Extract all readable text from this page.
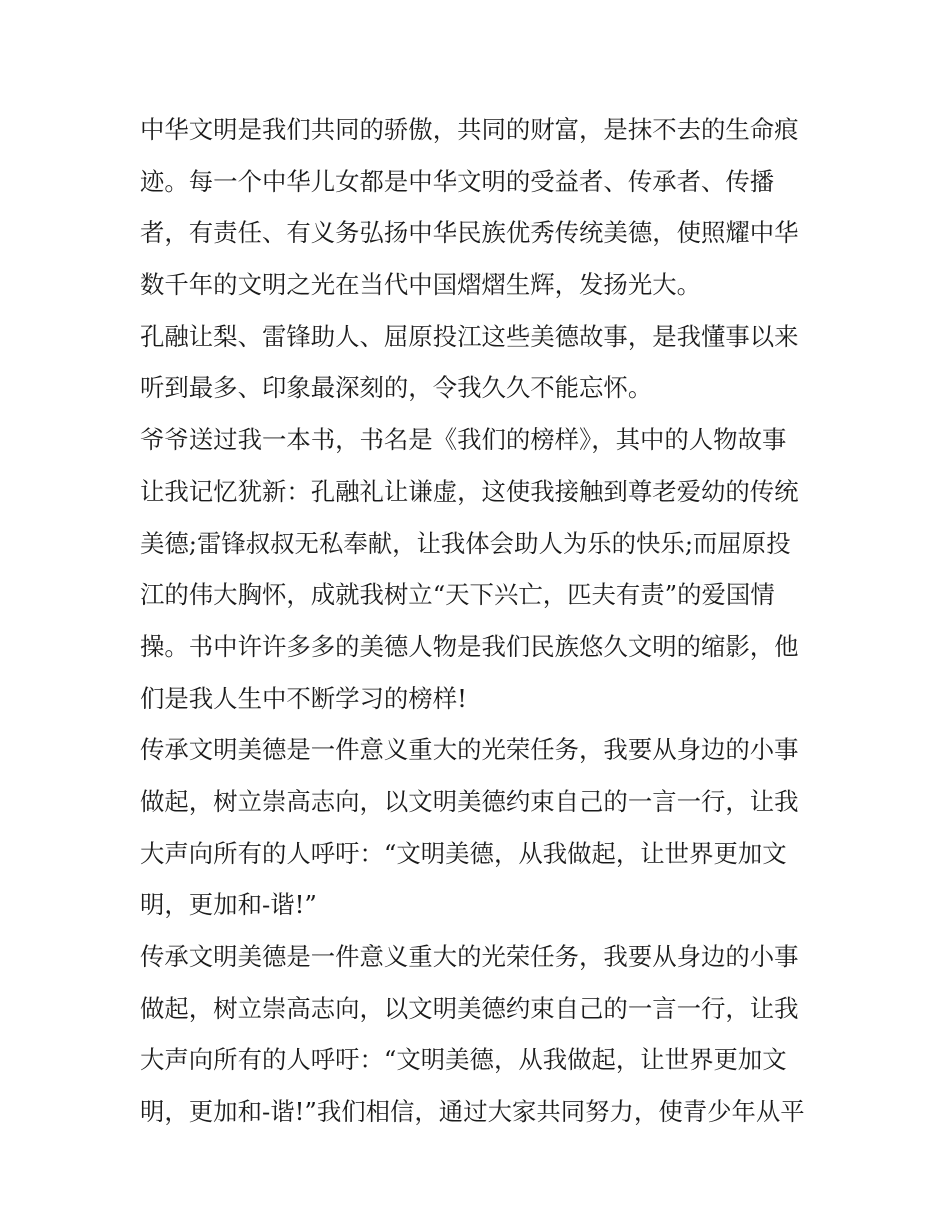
中华文明是我们共同的骄傲，共同的财富，是抹不去的生命痕
迹。每一个中华儿女都是中华文明的受益者、传承者、传播
者，有责任、有义务弘扬中华民族优秀传统美德，使照耀中华
数千年的文明之光在当代中国熠熠生辉，发扬光大。

孔融让梨、雷锋助人、屈原投江这些美德故事，是我懂事以来
听到最多、印象最深刻的，令我久久不能忘怀。

爷爷送过我一本书，书名是《我们的榜样》，其中的人物故事
让我记忆犹新：孔融礼让谦虚，这使我接触到尊老爱幼的传统
美德;雷锋叔叔无私奉献，让我体会助人为乐的快乐;而屈原投
江的伟大胸怀，成就我树立“天下兴亡，匹夫有责”的爱国情
操。书中许许多多的美德人物是我们民族悠久文明的缩影，他
们是我人生中不断学习的榜样!

传承文明美德是一件意义重大的光荣任务，我要从身边的小事
做起，树立崇高志向，以文明美德约束自己的一言一行，让我
大声向所有的人呼吁：“文明美德，从我做起，让世界更加文
明，更加和-谐!”

传承文明美德是一件意义重大的光荣任务，我要从身边的小事
做起，树立崇高志向，以文明美德约束自己的一言一行，让我
大声向所有的人呼吁：“文明美德，从我做起，让世界更加文
明，更加和-谐!”我们相信，通过大家共同努力，使青少年从平
